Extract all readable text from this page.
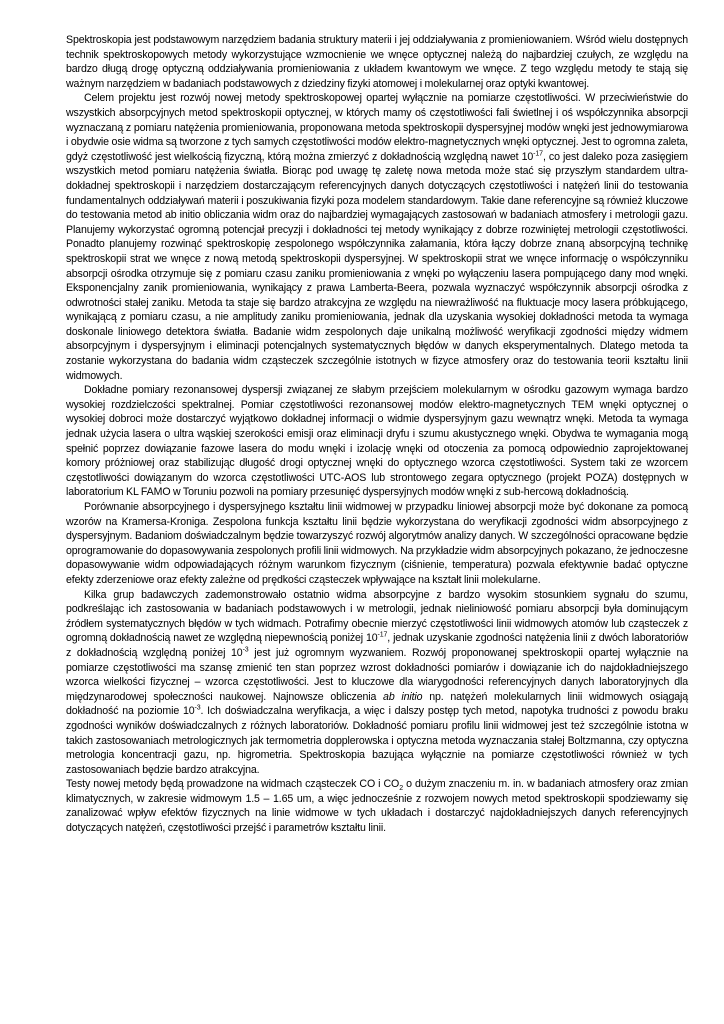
Spektroskopia jest podstawowym narzędziem badania struktury materii i jej oddziaływania z promieniowaniem. Wśród wielu dostępnych technik spektroskopowych metody wykorzystujące wzmocnienie we wnęce optycznej należą do najbardziej czułych, ze względu na bardzo długą drogę optyczną oddziaływania promieniowania z układem kwantowym we wnęce. Z tego względu metody te stają się ważnym narzędziem w badaniach podstawowych z dziedziny fizyki atomowej i molekularnej oraz optyki kwantowej.

Celem projektu jest rozwój nowej metody spektroskopowej opartej wyłącznie na pomiarze częstotliwości. W przeciwieństwie do wszystkich absorpcyjnych metod spektroskopii optycznej, w których mamy oś częstotliwości fali świetlnej i oś współczynnika absorpcji wyznaczaną z pomiaru natężenia promieniowania, proponowana metoda spektroskopii dyspersyjnej modów wnęki jest jednowymiarowa i obydwie osie widma są tworzone z tych samych częstotliwości modów elektro-magnetycznych wnęki optycznej. Jest to ogromna zaleta, gdyż częstotliwość jest wielkością fizyczną, którą można zmierzyć z dokładnością względną nawet $10^{-17}$, co jest daleko poza zasięgiem wszystkich metod pomiaru natężenia światła. Biorąc pod uwagę tę zaletę nowa metoda może stać się przyszłym standardem ultra-dokładnej spektroskopii i narzędziem dostarczającym referencyjnych danych dotyczących częstotliwości i natężeń linii do testowania fundamentalnych oddziaływań materii i poszukiwania fizyki poza modelem standardowym. Takie dane referencyjne są również kluczowe do testowania metod ab initio obliczania widm oraz do najbardziej wymagających zastosowań w badaniach atmosfery i metrologii gazu. Planujemy wykorzystać ogromną potencjał precyzji i dokładności tej metody wynikający z dobrze rozwiniętej metrologii częstotliwości. Ponadto planujemy rozwinąć spektroskopię zespolonego współczynnika załamania, która łączy dobrze znaną absorpcyjną technikę spektroskopii strat we wnęce z nową metodą spektroskopii dyspersyjnej. W spektroskopii strat we wnęce informację o współczynniku absorpcji ośrodka otrzymuje się z pomiaru czasu zaniku promieniowania z wnęki po wyłączeniu lasera pompującego dany mod wnęki. Eksponencjalny zanik promieniowania, wynikający z prawa Lamberta-Beera, pozwala wyznaczyć współczynnik absorpcji ośrodka z odwrotności stałej zaniku. Metoda ta staje się bardzo atrakcyjna ze względu na niewrażliwość na fluktuacje mocy lasera próbkującego, wynikającą z pomiaru czasu, a nie amplitudy zaniku promieniowania, jednak dla uzyskania wysokiej dokładności metoda ta wymaga doskonale liniowego detektora światła. Badanie widm zespolonych daje unikalną możliwość weryfikacji zgodności między widmem absorpcyjnym i dyspersyjnym i eliminacji potencjalnych systematycznych błędów w danych eksperymentalnych. Dlatego metoda ta zostanie wykorzystana do badania widm cząsteczek szczególnie istotnych w fizyce atmosfery oraz do testowania teorii kształtu linii widmowych.

Dokładne pomiary rezonansowej dyspersji związanej ze słabym przejściem molekularnym w ośrodku gazowym wymaga bardzo wysokiej rozdzielczości spektralnej. Pomiar częstotliwości rezonansowej modów elektro-magnetycznych TEM wnęki optycznej o wysokiej dobroci może dostarczyć wyjątkowo dokładnej informacji o widmie dyspersyjnym gazu wewnątrz wnęki. Metoda ta wymaga jednak użycia lasera o ultra wąskiej szerokości emisji oraz eliminacji dryfu i szumu akustycznego wnęki. Obydwa te wymagania mogą spełnić poprzez dowiązanie fazowe lasera do modu wnęki i izolację wnęki od otoczenia za pomocą odpowiednio zaprojektowanej komory próżniowej oraz stabilizując długość drogi optycznej wnęki do optycznego wzorca częstotliwości. System taki ze wzorcem częstotliwości dowiązanym do wzorca częstotliwości UTC-AOS lub strontowego zegara optycznego (projekt POZA) dostępnych w laboratorium KL FAMO w Toruniu pozwoli na pomiary przesunięć dyspersyjnych modów wnęki z sub-hercową dokładnością.

Porównanie absorpcyjnego i dyspersyjnego kształtu linii widmowej w przypadku liniowej absorpcji może być dokonane za pomocą wzorów na Kramersa-Kroniga. Zespolona funkcja kształtu linii będzie wykorzystana do weryfikacji zgodności widm absorpcyjnego z dyspersyjnym. Badaniom doświadczalnym będzie towarzyszyć rozwój algorytmów analizy danych. W szczególności opracowane będzie oprogramowanie do dopasowywania zespolonych profili linii widmowych. Na przykładzie widm absorpcyjnych pokazano, że jednoczesne dopasowywanie widm odpowiadających różnym warunkom fizycznym (ciśnienie, temperatura) pozwala efektywnie badać optyczne efekty zderzeniowe oraz efekty zależne od prędkości cząsteczek wpływające na kształt linii molekularne.

Kilka grup badawczych zademonstrowało ostatnio widma absorpcyjne z bardzo wysokim stosunkiem sygnału do szumu, podkreślając ich zastosowania w badaniach podstawowych i w metrologii, jednak nieliniowość pomiaru absorpcji była dominującym źródłem systematycznych błędów w tych widmach. Potrafimy obecnie mierzyć częstotliwości linii widmowych atomów lub cząsteczek z ogromną dokładnością nawet ze względną niepewnością poniżej $10^{-17}$, jednak uzyskanie zgodności natężenia linii z dwóch laboratoriów z dokładnością względną poniżej $10^{-3}$ jest już ogromnym wyzwaniem. Rozwój proponowanej spektroskopii opartej wyłącznie na pomiarze częstotliwości ma szansę zmienić ten stan poprzez wzrost dokładności pomiarów i dowiązanie ich do najdokładniejszego wzorca wielkości fizycznej – wzorca częstotliwości. Jest to kluczowe dla wiarygodności referencyjnych danych laboratoryjnych dla międzynarodowej społeczności naukowej. Najnowsze obliczenia ab initio np. natężeń molekularnych linii widmowych osiągają dokładność na poziomie $10^{-3}$. Ich doświadczalna weryfikacja, a więc i dalszy postęp tych metod, napotyka trudności z powodu braku zgodności wyników doświadczalnych z różnych laboratoriów. Dokładność pomiaru profilu linii widmowej jest też szczególnie istotna w takich zastosowaniach metrologicznych jak termometria dopplerowska i optyczna metoda wyznaczania stałej Boltzmanna, czy optyczna metrologia koncentracji gazu, np. higrometria. Spektroskopia bazująca wyłącznie na pomiarze częstotliwości również w tych zastosowaniach będzie bardzo atrakcyjna.

Testy nowej metody będą prowadzone na widmach cząsteczek CO i $CO_2$ o dużym znaczeniu m. in. w badaniach atmosfery oraz zmian klimatycznych, w zakresie widmowym 1.5 – 1.65 um, a więc jednocześnie z rozwojem nowych metod spektroskopii spodziewamy się zanalizować wpływ efektów fizycznych na linie widmowe w tych układach i dostarczyć najdokładniejszych danych referencyjnych dotyczących natężeń, częstotliwości przejść i parametrów kształtu linii.
